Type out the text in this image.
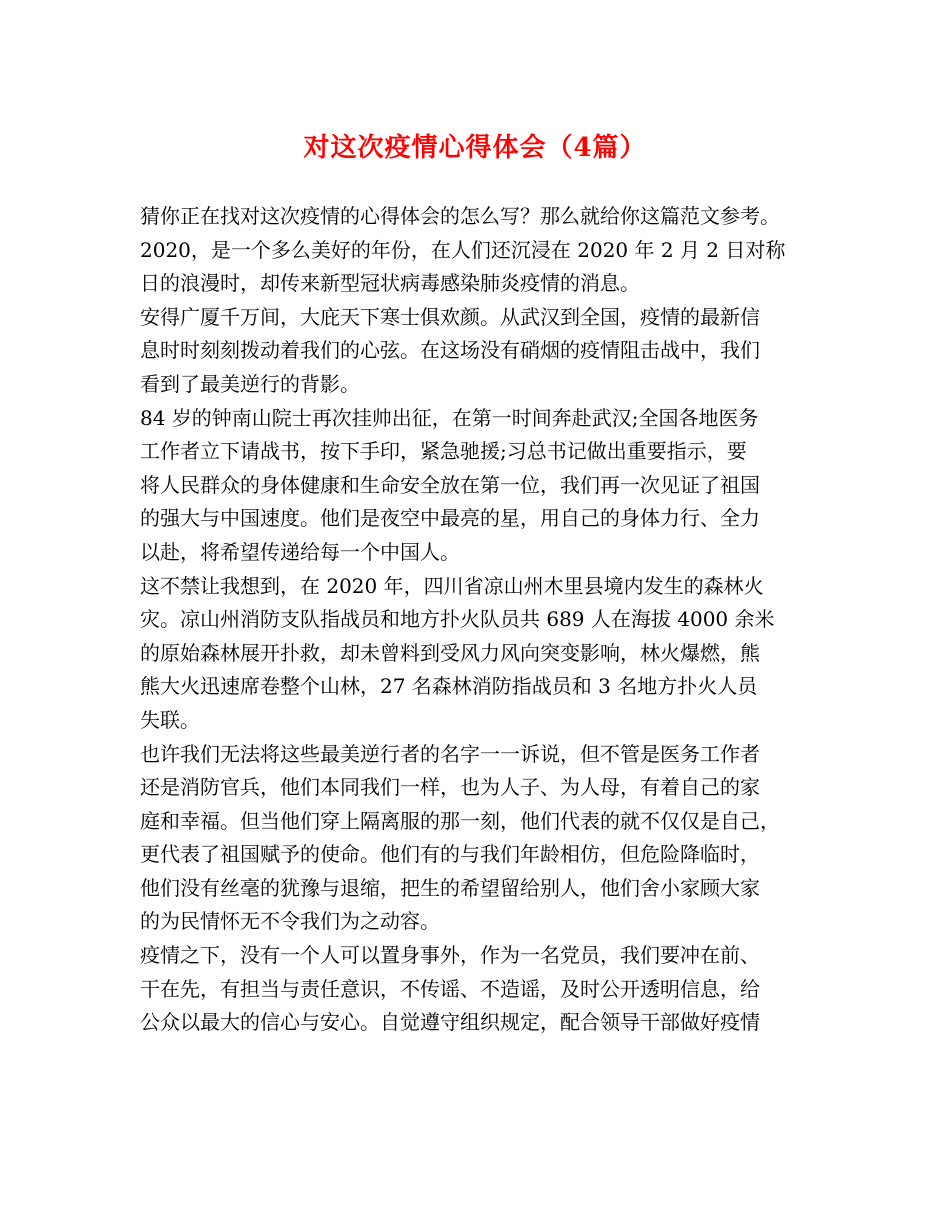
对这次疫情心得体会（4篇）
猜你正在找对这次疫情的心得体会的怎么写？那么就给你这篇范文参考。
2020，是一个多么美好的年份，在人们还沉浸在 2020 年 2 月 2 日对称
日的浪漫时，却传来新型冠状病毒感染肺炎疫情的消息。
安得广厦千万间，大庇天下寒士俱欢颜。从武汉到全国，疫情的最新信
息时时刻刻拨动着我们的心弦。在这场没有硝烟的疫情阻击战中，我们
看到了最美逆行的背影。
84 岁的钟南山院士再次挂帅出征，在第一时间奔赴武汉;全国各地医务
工作者立下请战书，按下手印，紧急驰援;习总书记做出重要指示，要
将人民群众的身体健康和生命安全放在第一位，我们再一次见证了祖国
的强大与中国速度。他们是夜空中最亮的星，用自己的身体力行、全力
以赴，将希望传递给每一个中国人。
这不禁让我想到，在 2020 年，四川省凉山州木里县境内发生的森林火
灾。凉山州消防支队指战员和地方扑火队员共 689 人在海拔 4000 余米
的原始森林展开扑救，却未曾料到受风力风向突变影响，林火爆燃，熊
熊大火迅速席卷整个山林，27 名森林消防指战员和 3 名地方扑火人员
失联。
也许我们无法将这些最美逆行者的名字一一诉说，但不管是医务工作者
还是消防官兵，他们本同我们一样，也为人子、为人母，有着自己的家
庭和幸福。但当他们穿上隔离服的那一刻，他们代表的就不仅仅是自己，
更代表了祖国赋予的使命。他们有的与我们年龄相仿，但危险降临时，
他们没有丝毫的犹豫与退缩，把生的希望留给别人，他们舍小家顾大家
的为民情怀无不令我们为之动容。
疫情之下，没有一个人可以置身事外，作为一名党员，我们要冲在前、
干在先，有担当与责任意识，不传谣、不造谣，及时公开透明信息，给
公众以最大的信心与安心。自觉遵守组织规定，配合领导干部做好疫情
